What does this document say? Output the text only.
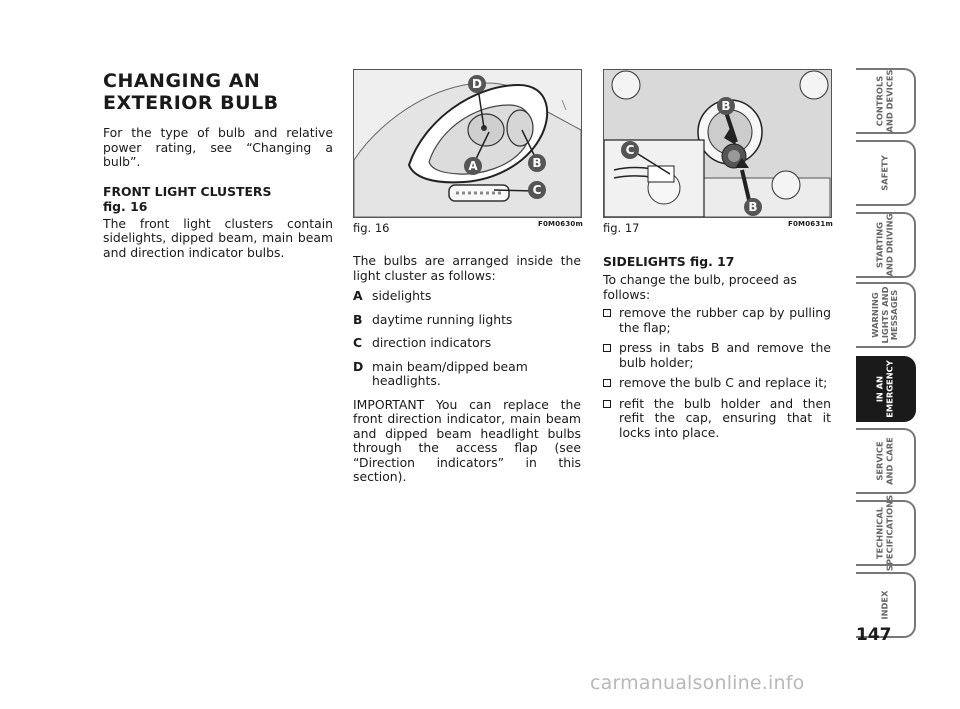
CHANGING AN
EXTERIOR BULB

For the type of bulb and relative power rating, see “Changing a bulb”.

FRONT LIGHT CLUSTERS

fig. 16

The front light clusters contain sidelights, dipped beam, main beam and direction indicator bulbs.

D
A	B
C
fig. 16	F0M0630m

The bulbs are arranged inside the light cluster as follows:

A sidelights
B daytime running lights
C direction indicators
D main beam/dipped beam headlights.

IMPORTANT You can replace the front direction indicator, main beam and dipped beam headlight bulbs through the access flap (see “Direction indicators” in this section).

B
C
B
fig. 17	F0M0631m

SIDELIGHTS fig. 17

To change the bulb, proceed as follows:

remove the rubber cap by pulling the flap;
press in tabs B and remove the bulb holder;
remove the bulb C and replace it;
refit the bulb holder and then refit the cap, ensuring that it locks into place.
CONTROLS
AND DEVICES
SAFETY
STARTING
AND DRIVING
WARNING
LIGHTS AND
MESSAGES
IN AN
EMERGENCY
SERVICE
AND CARE
TECHNICAL
SPECIFICATIONS
INDEX
147
carmanualsonline.info
